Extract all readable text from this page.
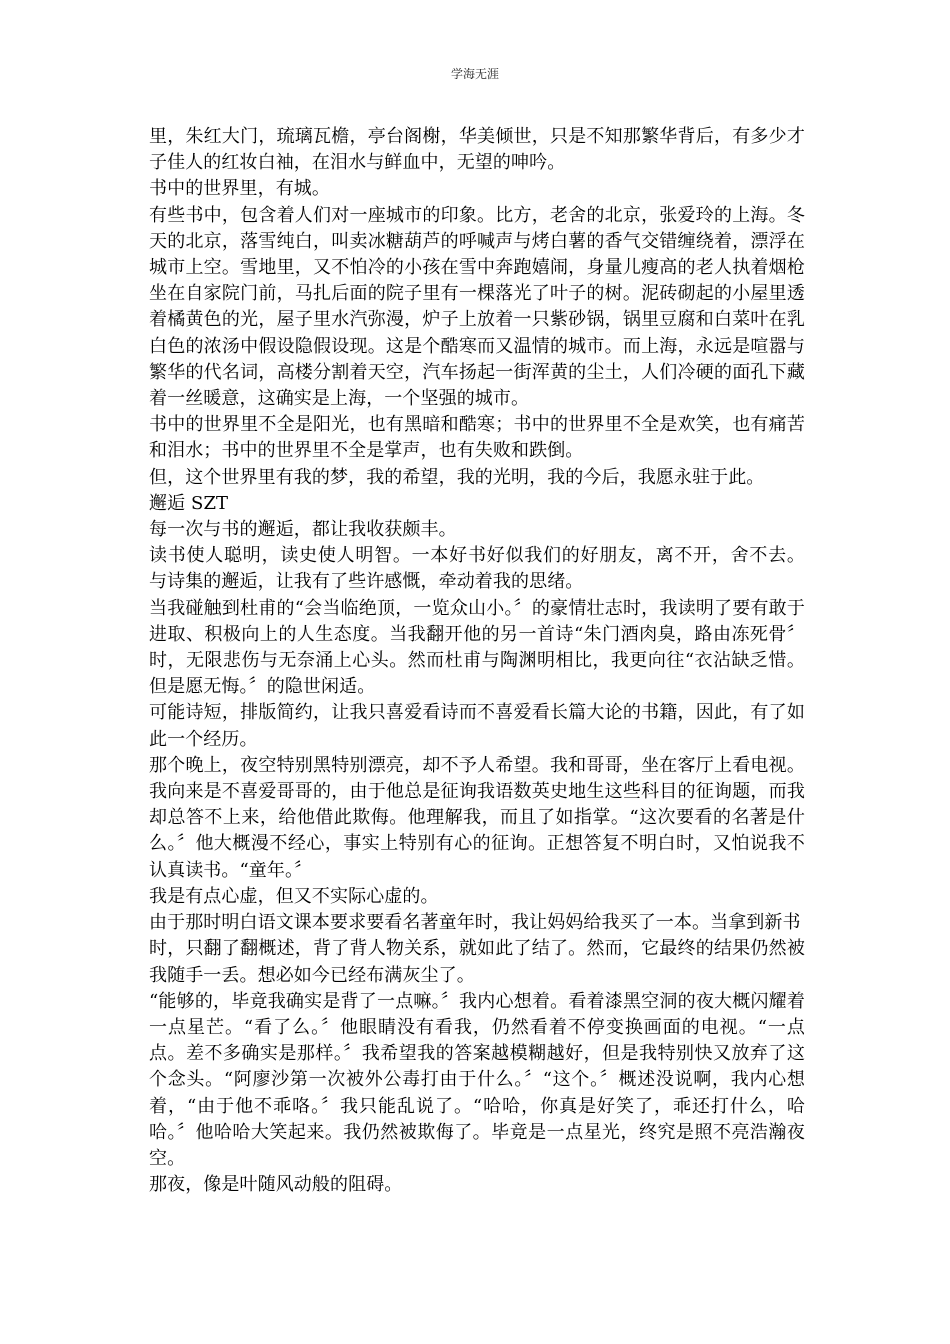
学海无涯

里，朱红大门，琉璃瓦檐，亭台阁榭，华美倾世，只是不知那繁华背后，有多少才子佳人的红妆白袖，在泪水与鲜血中，无望的呻吟。

书中的世界里，有城。

有些书中，包含着人们对一座城市的印象。比方，老舍的北京，张爱玲的上海。冬天的北京，落雪纯白，叫卖冰糖葫芦的呼喊声与烤白薯的香气交错缠绕着，漂浮在城市上空。雪地里，又不怕冷的小孩在雪中奔跑嬉闹，身量儿瘦高的老人执着烟枪坐在自家院门前，马扎后面的院子里有一棵落光了叶子的树。泥砖砌起的小屋里透着橘黄色的光，屋子里水汽弥漫，炉子上放着一只紫砂锅，锅里豆腐和白菜叶在乳白色的浓汤中假设隐假设现。这是个酷寒而又温情的城市。而上海，永远是喧嚣与繁华的代名词，高楼分割着天空，汽车扬起一街浑黄的尘土，人们冷硬的面孔下藏着一丝暖意，这确实是上海，一个坚强的城市。

书中的世界里不全是阳光，也有黑暗和酷寒；书中的世界里不全是欢笑，也有痛苦和泪水；书中的世界里不全是掌声，也有失败和跌倒。

但，这个世界里有我的梦，我的希望，我的光明，我的今后，我愿永驻于此。

邂逅 SZT

每一次与书的邂逅，都让我收获颇丰。

读书使人聪明，读史使人明智。一本好书好似我们的好朋友，离不开，舍不去。 与诗集的邂逅，让我有了些许感慨，牵动着我的思绪。

当我碰触到杜甫的“会当临绝顶，一览众山小。〞的豪情壮志时，我读明了要有敢于进取、积极向上的人生态度。当我翻开他的另一首诗“朱门酒肉臭，路由冻死骨〞时，无限悲伤与无奈涌上心头。然而杜甫与陶渊明相比，我更向往“衣沾缺乏惜。但是愿无悔。〞的隐世闲适。

可能诗短，排版简约，让我只喜爱看诗而不喜爱看长篇大论的书籍，因此，有了如此一个经历。

那个晚上，夜空特别黑特别漂亮，却不予人希望。我和哥哥，坐在客厅上看电视。我向来是不喜爱哥哥的，由于他总是征询我语数英史地生这些科目的征询题，而我却总答不上来，给他借此欺侮。他理解我，而且了如指掌。“这次要看的名著是什么。〞他大概漫不经心，事实上特别有心的征询。正想答复不明白时，又怕说我不认真读书。“童年。〞

我是有点心虚，但又不实际心虚的。

由于那时明白语文课本要求要看名著童年时，我让妈妈给我买了一本。当拿到新书

时，只翻了翻概述，背了背人物关系，就如此了结了。然而，它最终的结果仍然被我随手一丢。想必如今已经布满灰尘了。

“能够的，毕竟我确实是背了一点嘛。〞我内心想着。看着漆黑空洞的夜大概闪耀着一点星芒。“看了么。〞他眼睛没有看我，仍然看着不停变换画面的电视。“一点点。差不多确实是那样。〞我希望我的答案越模糊越好，但是我特别快又放弃了这个念头。“阿廖沙第一次被外公毒打由于什么。〞“这个。〞概述没说啊，我内心想着，“由于他不乖咯。〞我只能乱说了。“哈哈，你真是好笑了，乖还打什么，哈哈。〞他哈哈大笑起来。我仍然被欺侮了。毕竟是一点星光，终究是照不亮浩瀚夜空。

那夜，像是叶随风动般的阻碍。
